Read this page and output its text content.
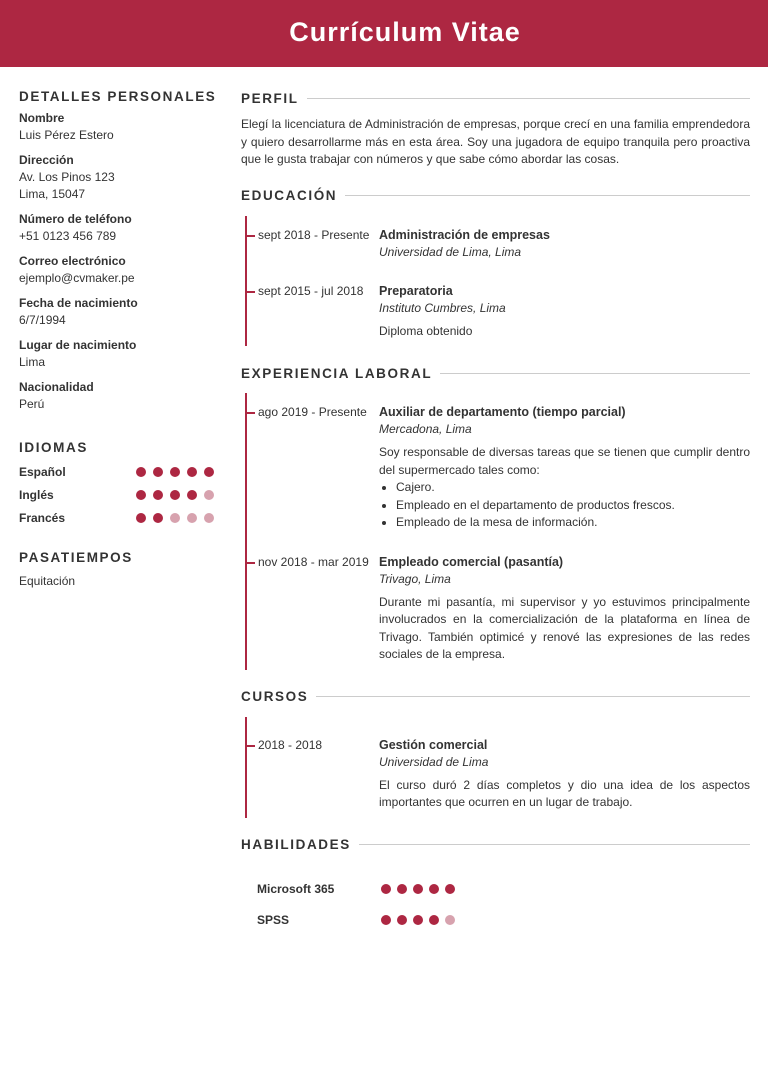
Currículum Vitae
DETALLES PERSONALES
Nombre
Luis Pérez Estero
Dirección
Av. Los Pinos 123
Lima, 15047
Número de teléfono
+51 0123 456 789
Correo electrónico
ejemplo@cvmaker.pe
Fecha de nacimiento
6/7/1994
Lugar de nacimiento
Lima
Nacionalidad
Perú
IDIOMAS
Español
Inglés
Francés
PASATIEMPOS
Equitación
PERFIL
Elegí la licenciatura de Administración de empresas, porque crecí en una familia emprendedora y quiero desarrollarme más en esta área. Soy una jugadora de equipo tranquila pero proactiva que le gusta trabajar con números y que sabe cómo abordar las cosas.
EDUCACIÓN
sept 2018 - Presente Administración de empresas
Universidad de Lima, Lima
sept 2015 - jul 2018 Preparatoria
Instituto Cumbres, Lima
Diploma obtenido
EXPERIENCIA LABORAL
ago 2019 - Presente Auxiliar de departamento (tiempo parcial)
Mercadona, Lima
Soy responsable de diversas tareas que se tienen que cumplir dentro del supermercado tales como:
• Cajero.
• Empleado en el departamento de productos frescos.
• Empleado de la mesa de información.
nov 2018 - mar 2019 Empleado comercial (pasantía)
Trivago, Lima
Durante mi pasantía, mi supervisor y yo estuvimos principalmente involucrados en la comercialización de la plataforma en línea de Trivago. También optimicé y renové las expresiones de las redes sociales de la empresa.
CURSOS
2018 - 2018	Gestión comercial
Universidad de Lima
El curso duró 2 días completos y dio una idea de los aspectos importantes que ocurren en un lugar de trabajo.
HABILIDADES
Microsoft 365
SPSS
